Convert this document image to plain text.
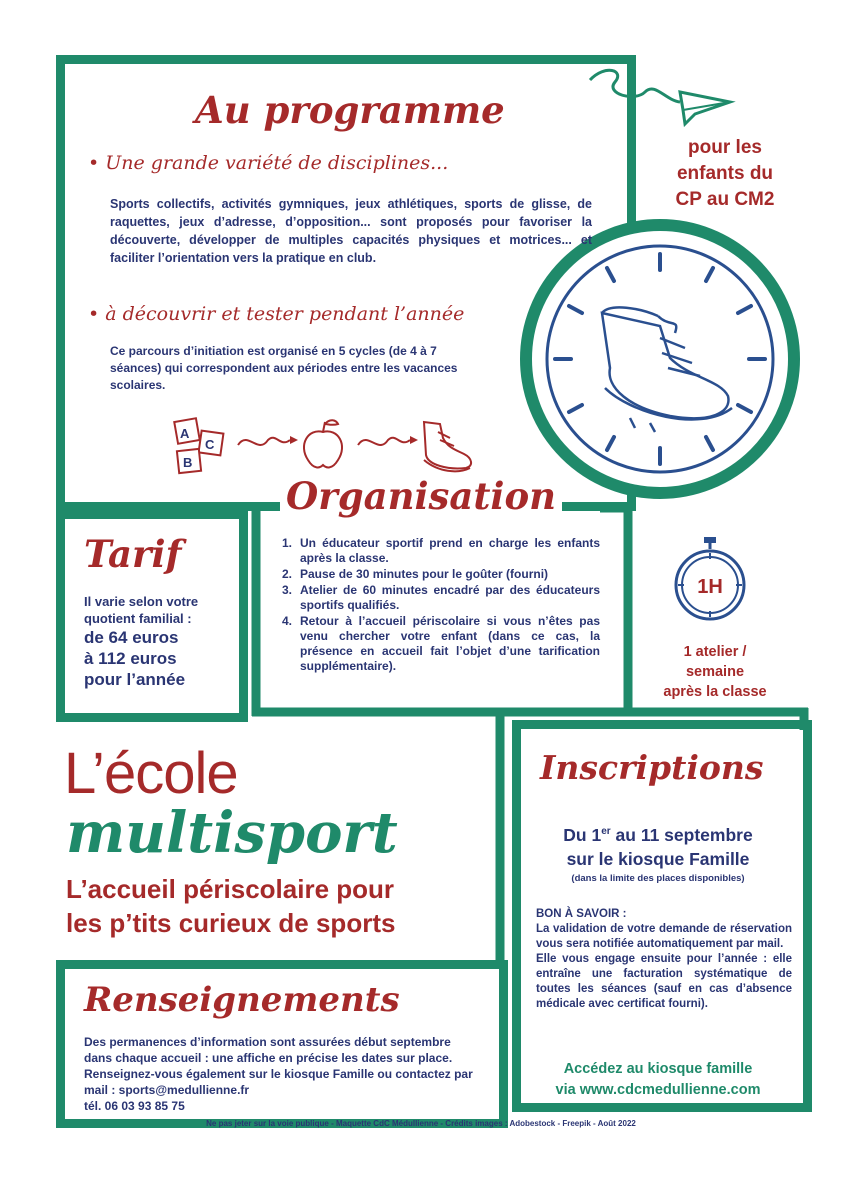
Au programme
• Une grande variété de disciplines...
Sports collectifs, activités gymniques, jeux athlétiques, sports de glisse, de raquettes, jeux d’adresse, d’opposition... sont proposés pour favoriser la découverte, développer de multiples capacités physiques et motrices... et faciliter l’orientation vers la pratique en club.
• à découvrir et tester pendant l’année
Ce parcours d’initiation est organisé en 5 cycles (de 4 à 7 séances) qui correspondent aux périodes entre les vacances scolaires.
A
C
B
pour les
enfants du
CP au CM2
Tarif
Il varie selon votre
quotient familial :
de 64 euros
à 112 euros
pour l’année
Organisation
1. Un éducateur sportif prend en charge les enfants après la classe.
2. Pause de 30 minutes pour le goûter (fourni)
3. Atelier de 60 minutes encadré par des éducateurs sportifs qualifiés.
4. Retour à l’accueil périscolaire si vous n’êtes pas venu chercher votre enfant (dans ce cas, la présence en accueil fait l’objet d’une tarification supplémentaire).
1H
1 atelier /
semaine
après la classe
L’école
multisport
L’accueil périscolaire pour
les p’tits curieux de sports
Inscriptions
Du 1er au 11 septembre
sur le kiosque Famille
(dans la limite des places disponibles)
BON À SAVOIR :
La validation de votre demande de réservation vous sera notifiée automatiquement par mail.
Elle vous engage ensuite pour l’année : elle entraîne une facturation systématique de toutes les séances (sauf en cas d’absence médicale avec certificat fourni).
Accédez au kiosque famille
via www.cdcmedullienne.com
Renseignements
Des permanences d’information sont assurées début septembre dans chaque accueil : une affiche en précise les dates sur place. Renseignez-vous également sur le kiosque Famille ou contactez par mail : sports@medullienne.fr
tél. 06 03 93 85 75
Ne pas jeter sur la voie publique - Maquette CdC Médullienne - Crédits images : Adobestock - Freepik - Août 2022
